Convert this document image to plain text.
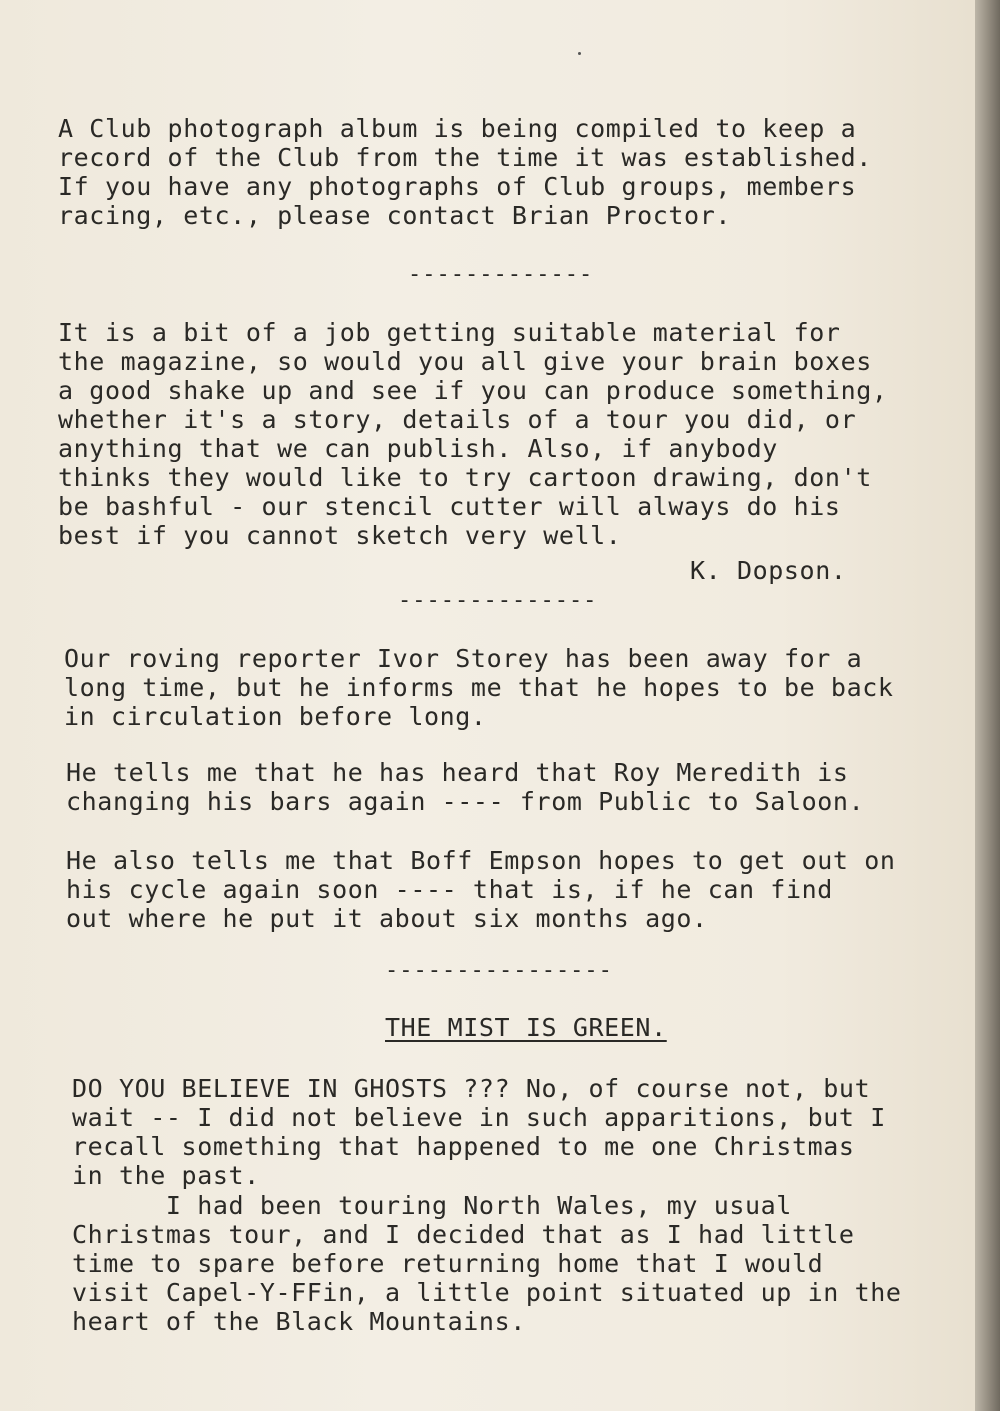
A Club photograph album is being compiled to keep a
record of the Club from the time it was established.
If you have any photographs of Club groups, members
racing, etc., please contact Brian Proctor.
-------------
It is a bit of a job getting suitable material for
the magazine, so would you all give your brain boxes
a good shake up and see if you can produce something,
whether it's a story, details of a tour you did, or
anything that we can publish. Also, if anybody
thinks they would like to try cartoon drawing, don't
be bashful - our stencil cutter will always do his
best if you cannot sketch very well.
K. Dopson.
--------------
Our roving reporter Ivor Storey has been away for a
long time, but he informs me that he hopes to be back
in circulation before long.
He tells me that he has heard that Roy Meredith is
changing his bars again ---- from Public to Saloon.
He also tells me that Boff Empson hopes to get out on
his cycle again soon ---- that is, if he can find
out where he put it about six months ago.
----------------
THE MIST IS GREEN.
DO YOU BELIEVE IN GHOSTS ??? No, of course not, but
wait -- I did not believe in such apparitions, but I
recall something that happened to me one Christmas
in the past.
I had been touring North Wales, my usual
Christmas tour, and I decided that as I had little
time to spare before returning home that I would
visit Capel-Y-FFin, a little point situated up in the
heart of the Black Mountains.
